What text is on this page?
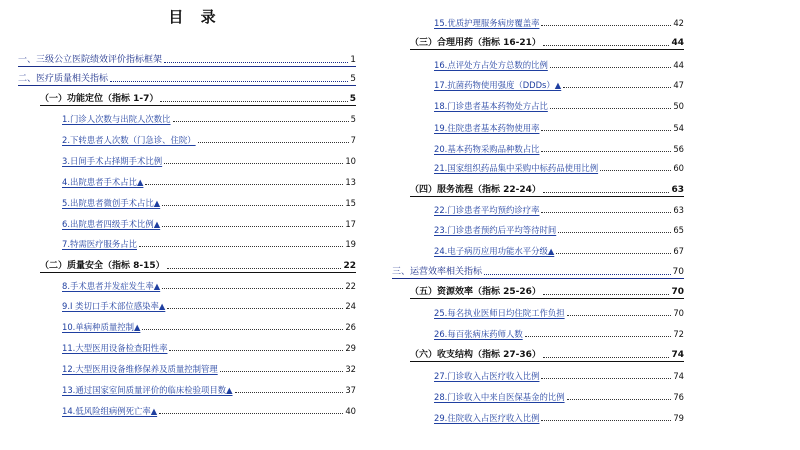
目 录
一、三级公立医院绩效评价指标框架	1
二、医疗质量相关指标	5
（一）功能定位（指标 1-7）	5
1.门诊人次数与出院人次数比	5
2.下转患者人次数（门急诊、住院）	7
3.日间手术占择期手术比例	10
4.出院患者手术占比▲	13
5.出院患者微创手术占比▲	15
6.出院患者四级手术比例▲	17
7.特需医疗服务占比	19
（二）质量安全（指标 8-15）	22
8.手术患者并发症发生率▲	22
9.I 类切口手术部位感染率▲	24
10.单病种质量控制▲	26
11.大型医用设备检查阳性率	29
12.大型医用设备维修保养及质量控制管理	32
13.通过国家室间质量评价的临床检验项目数▲	37
14.低风险组病例死亡率▲	40
15.优质护理服务病房覆盖率	42
（三）合理用药（指标 16-21）	44
16.点评处方占处方总数的比例	44
17.抗菌药物使用强度（DDDs）▲	47
18.门诊患者基本药物处方占比	50
19.住院患者基本药物使用率	54
20.基本药物采购品种数占比	56
21.国家组织药品集中采购中标药品使用比例	60
（四）服务流程（指标 22-24）	63
22.门诊患者平均预约诊疗率	63
23.门诊患者预约后平均等待时间	65
24.电子病历应用功能水平分级▲	67
三、运营效率相关指标	70
（五）资源效率（指标 25-26）	70
25.每名执业医师日均住院工作负担	70
26.每百张病床药师人数	72
（六）收支结构（指标 27-36）	74
27.门诊收入占医疗收入比例	74
28.门诊收入中来自医保基金的比例	76
29.住院收入占医疗收入比例	79
